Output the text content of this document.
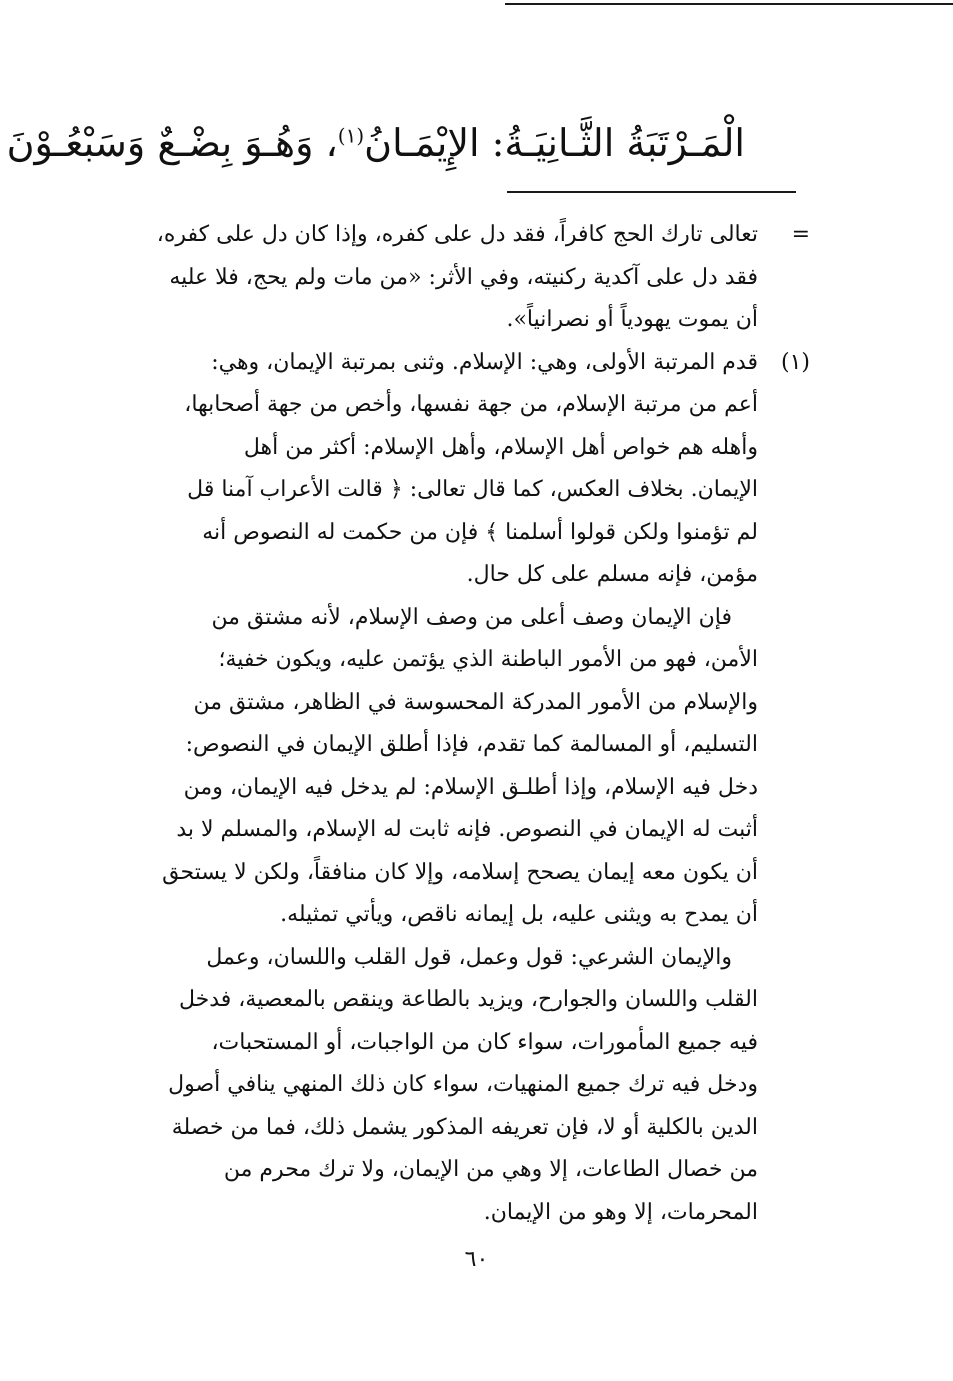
الْمَـرْتَبَةُ الثَّـانِيَـةُ: الإِيْمَـانُ$^{(١)}$، وَهُـوَ بِضْـعٌ وَسَبْعُـوْنَ
=
تعالى تارك الحج كافراً، فقد دل على كفره، وإذا كان دل على كفره،
فقد دل على آكدية ركنيته، وفي الأثر: «من مات ولم يحج، فلا عليه
أن يموت يهودياً أو نصرانياً».
(١)
قدم المرتبة الأولى، وهي: الإسلام. وثنى بمرتبة الإيمان، وهي:
أعم من مرتبة الإسلام، من جهة نفسها، وأخص من جهة أصحابها،
وأهله هم خواص أهل الإسلام، وأهل الإسلام: أكثر من أهل
الإيمان. بخلاف العكس، كما قال تعالى: ﴿ قالت الأعراب آمنا قل
لم تؤمنوا ولكن قولوا أسلمنا ﴾ فإن من حكمت له النصوص أنه
مؤمن، فإنه مسلم على كل حال.
فإن الإيمان وصف أعلى من وصف الإسلام، لأنه مشتق من
الأمن، فهو من الأمور الباطنة الذي يؤتمن عليه، ويكون خفية؛
والإسلام من الأمور المدركة المحسوسة في الظاهر، مشتق من
التسليم، أو المسالمة كما تقدم، فإذا أطلق الإيمان في النصوص:
دخل فيه الإسلام، وإذا أطلـق الإسلام: لم يدخل فيه الإيمان، ومن
أثبت له الإيمان في النصوص. فإنه ثابت له الإسلام، والمسلم لا بد
أن يكون معه إيمان يصحح إسلامه، وإلا كان منافقاً، ولكن لا يستحق
أن يمدح به ويثنى عليه، بل إيمانه ناقص، ويأتي تمثيله.
والإيمان الشرعي: قول وعمل، قول القلب واللسان، وعمل
القلب واللسان والجوارح، ويزيد بالطاعة وينقص بالمعصية، فدخل
فيه جميع المأمورات، سواء كان من الواجبات، أو المستحبات،
ودخل فيه ترك جميع المنهيات، سواء كان ذلك المنهي ينافي أصول
الدين بالكلية أو لا، فإن تعريفه المذكور يشمل ذلك، فما من خصلة
من خصال الطاعات، إلا وهي من الإيمان، ولا ترك محرم من
المحرمات، إلا وهو من الإيمان.
٦٠
